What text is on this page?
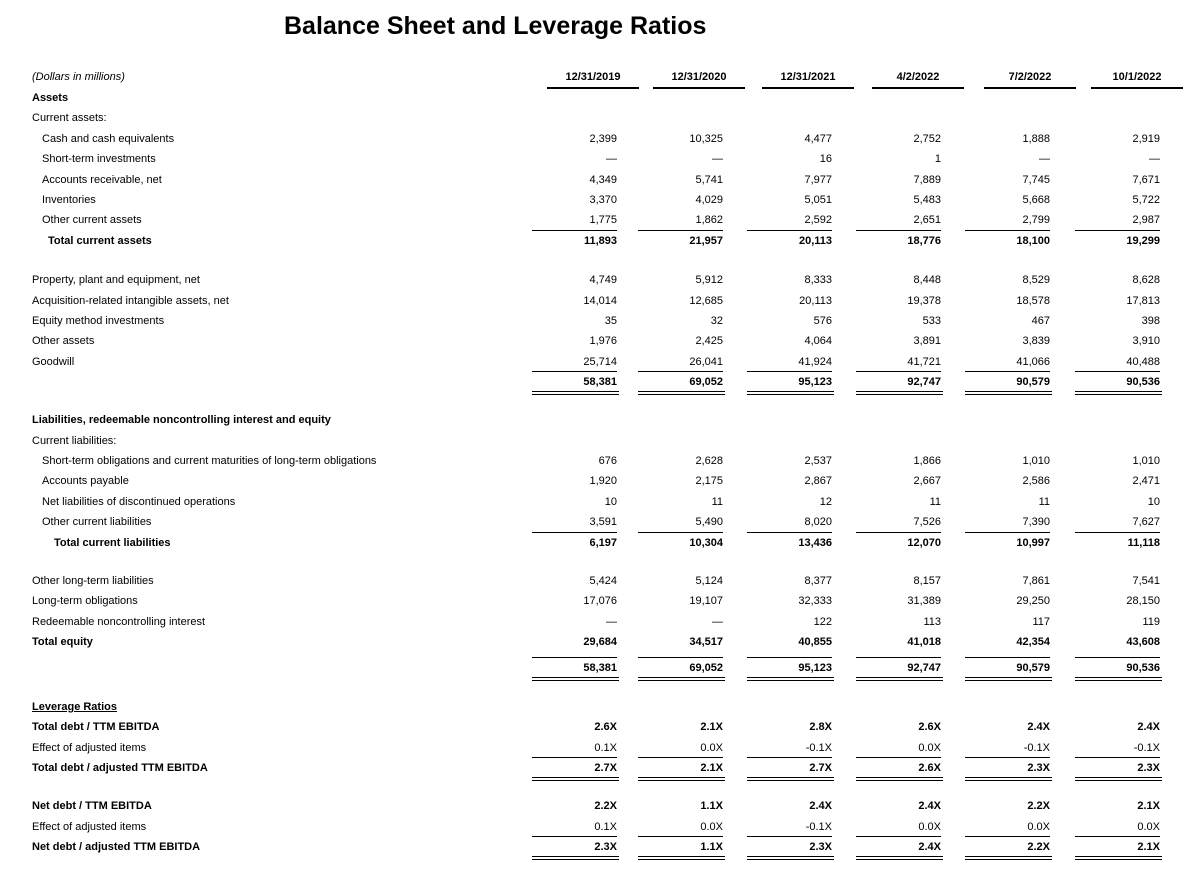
Balance Sheet and Leverage Ratios
(Dollars in millions)	12/31/2019	12/31/2020	12/31/2021	4/2/2022	7/2/2022	10/1/2022
Assets
Current assets:
Cash and cash equivalents	2,399	10,325	4,477	2,752	1,888	2,919
Short-term investments	—	—	16	1	—	—
Accounts receivable, net	4,349	5,741	7,977	7,889	7,745	7,671
Inventories	3,370	4,029	5,051	5,483	5,668	5,722
Other current assets	1,775	1,862	2,592	2,651	2,799	2,987
Total current assets	11,893	21,957	20,113	18,776	18,100	19,299
Property, plant and equipment, net	4,749	5,912	8,333	8,448	8,529	8,628
Acquisition-related intangible assets, net	14,014	12,685	20,113	19,378	18,578	17,813
Equity method investments	35	32	576	533	467	398
Other assets	1,976	2,425	4,064	3,891	3,839	3,910
Goodwill	25,714	26,041	41,924	41,721	41,066	40,488
58,381	69,052	95,123	92,747	90,579	90,536
Liabilities, redeemable noncontrolling interest and equity
Current liabilities:
Short-term obligations and current maturities of long-term obligations	676	2,628	2,537	1,866	1,010	1,010
Accounts payable	1,920	2,175	2,867	2,667	2,586	2,471
Net liabilities of discontinued operations	10	11	12	11	11	10
Other current liabilities	3,591	5,490	8,020	7,526	7,390	7,627
Total current liabilities	6,197	10,304	13,436	12,070	10,997	11,118
Other long-term liabilities	5,424	5,124	8,377	8,157	7,861	7,541
Long-term obligations	17,076	19,107	32,333	31,389	29,250	28,150
Redeemable noncontrolling interest	—	—	122	113	117	119
Total equity	29,684	34,517	40,855	41,018	42,354	43,608
58,381	69,052	95,123	92,747	90,579	90,536
Leverage Ratios
Total debt / TTM EBITDA	2.6X	2.1X	2.8X	2.6X	2.4X	2.4X
Effect of adjusted items	0.1X	0.0X	-0.1X	0.0X	-0.1X	-0.1X
Total debt / adjusted TTM EBITDA	2.7X	2.1X	2.7X	2.6X	2.3X	2.3X
Net debt / TTM EBITDA	2.2X	1.1X	2.4X	2.4X	2.2X	2.1X
Effect of adjusted items	0.1X	0.0X	-0.1X	0.0X	0.0X	0.0X
Net debt / adjusted TTM EBITDA	2.3X	1.1X	2.3X	2.4X	2.2X	2.1X
